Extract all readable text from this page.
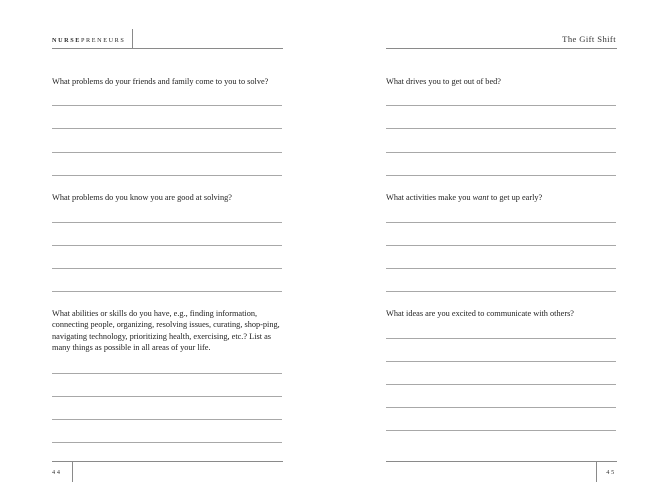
NURSEPRENEURS
What problems do your friends and family come to you to solve?
What problems do you know you are good at solving?
What abilities or skills do you have, e.g., finding information, connecting people, organizing, resolving issues, curating, shop-ping, navigating technology, prioritizing health, exercising, etc.? List as many things as possible in all areas of your life.
44
The Gift Shift
What drives you to get out of bed?
What activities make you want to get up early?
What ideas are you excited to communicate with others?
45
